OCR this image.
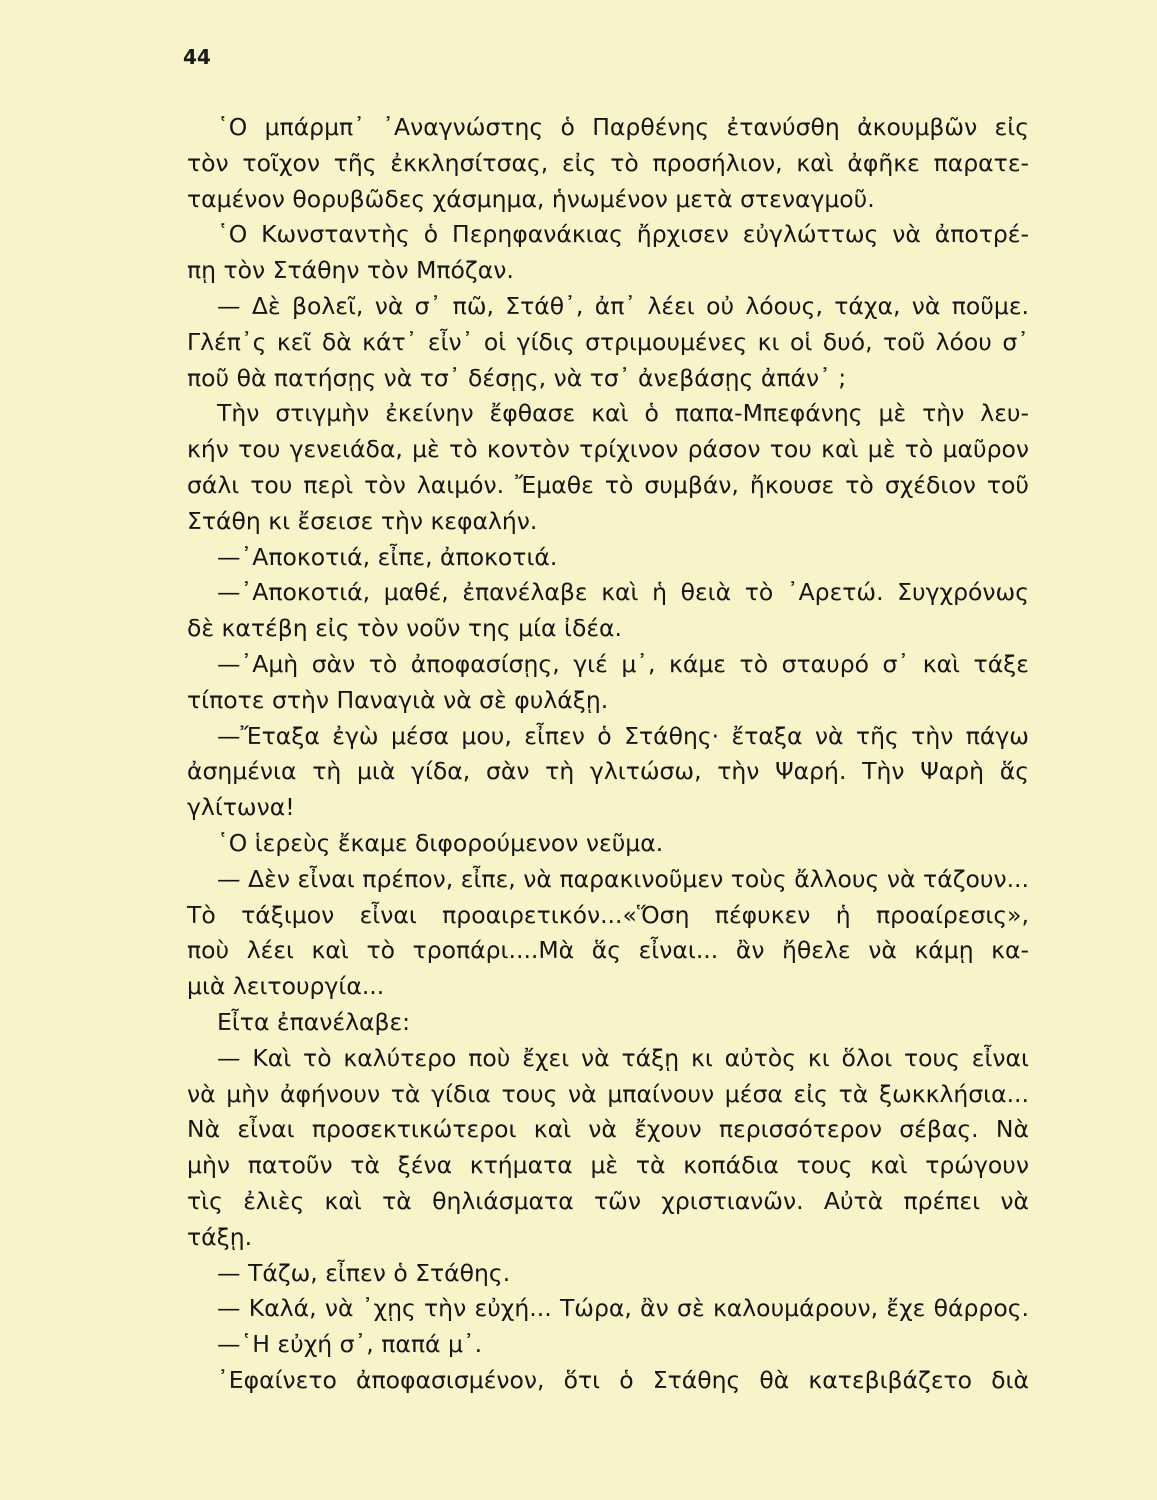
44
῾Ο μπάρμπ᾿ ᾿Αναγνώστης ὁ Παρθένης ἐτανύσθη ἀκουμβῶν εἰς
τὸν τοῖχον τῆς ἐκκλησίτσας, εἰς τὸ προσήλιον, καὶ ἀφῆκε παρατε-
ταμένον θορυβῶδες χάσμημα, ἡνωμένον μετὰ στεναγμοῦ.
῾Ο Κωνσταντὴς ὁ Περηφανάκιας ἤρχισεν εὐγλώττως νὰ ἀποτρέ-
πῃ τὸν Στάθην τὸν Μπόζαν.
— Δὲ βολεῖ, νὰ σ᾿ πῶ, Στάθ᾿, ἀπ᾿ λέει οὐ λόους, τάχα, νὰ ποῦμε.
Γλέπ᾿ς κεῖ δὰ κάτ᾿ εἶν᾿ οἱ γίδις στριμουμένες κι οἱ δυό, τοῦ λόου σ᾿
ποῦ θὰ πατήσῃς νὰ τσ᾿ δέσῃς, νὰ τσ᾿ ἀνεβάσῃς ἀπάν᾿ ;
Τὴν στιγμὴν ἐκείνην ἔφθασε καὶ ὁ παπα-Μπεφάνης μὲ τὴν λευ-
κήν του γενειάδα, μὲ τὸ κοντὸν τρίχινον ράσον του καὶ μὲ τὸ μαῦρον
σάλι του περὶ τὸν λαιμόν. Ἔμαθε τὸ συμβάν, ἤκουσε τὸ σχέδιον τοῦ
Στάθη κι ἔσεισε τὴν κεφαλήν.
—᾿Αποκοτιά, εἶπε, ἀποκοτιά.
—᾿Αποκοτιά, μαθέ, ἐπανέλαβε καὶ ἡ θειὰ τὸ ᾿Αρετώ. Συγχρόνως
δὲ κατέβη εἰς τὸν νοῦν της μία ἰδέα.
—᾿Αμὴ σὰν τὸ ἀποφασίσῃς, γιέ μ᾿, κάμε τὸ σταυρό σ᾿ καὶ τάξε
τίποτε στὴν Παναγιὰ νὰ σὲ φυλάξῃ.
—Ἔταξα ἐγὼ μέσα μου, εἶπεν ὁ Στάθης· ἔταξα νὰ τῆς τὴν πάγω
ἀσημένια τὴ μιὰ γίδα, σὰν τὴ γλιτώσω, τὴν Ψαρή. Τὴν Ψαρὴ ἅς
γλίτωνα!
῾Ο ἱερεὺς ἔκαμε διφορούμενον νεῦμα.
— Δὲν εἶναι πρέπον, εἶπε, νὰ παρακινοῦμεν τοὺς ἄλλους νὰ τάζουν...
Τὸ τάξιμον εἶναι προαιρετικόν...«Ὅση πέφυκεν ἡ προαίρεσις»,
ποὺ λέει καὶ τὸ τροπάρι....Μὰ ἅς εἶναι... ἂν ἤθελε νὰ κάμῃ κα-
μιὰ λειτουργία...
Εἶτα ἐπανέλαβε:
— Καὶ τὸ καλύτερο ποὺ ἔχει νὰ τάξῃ κι αὐτὸς κι ὅλοι τους εἶναι
νὰ μὴν ἀφήνουν τὰ γίδια τους νὰ μπαίνουν μέσα εἰς τὰ ξωκκλήσια...
Νὰ εἶναι προσεκτικώτεροι καὶ νὰ ἔχουν περισσότερον σέβας. Νὰ
μὴν πατοῦν τὰ ξένα κτήματα μὲ τὰ κοπάδια τους καὶ τρώγουν
τὶς ἐλιὲς καὶ τὰ θηλιάσματα τῶν χριστιανῶν. Αὐτὰ πρέπει νὰ
τάξῃ.
— Τάζω, εἶπεν ὁ Στάθης.
— Καλά, νὰ ᾿χῃς τὴν εὐχή... Τώρα, ἂν σὲ καλουμάρουν, ἔχε θάρρος.
—῾Η εὐχή σ᾿, παπά μ᾿.
᾿Εφαίνετο ἀποφασισμένον, ὅτι ὁ Στάθης θὰ κατεβιβάζετο διὰ
